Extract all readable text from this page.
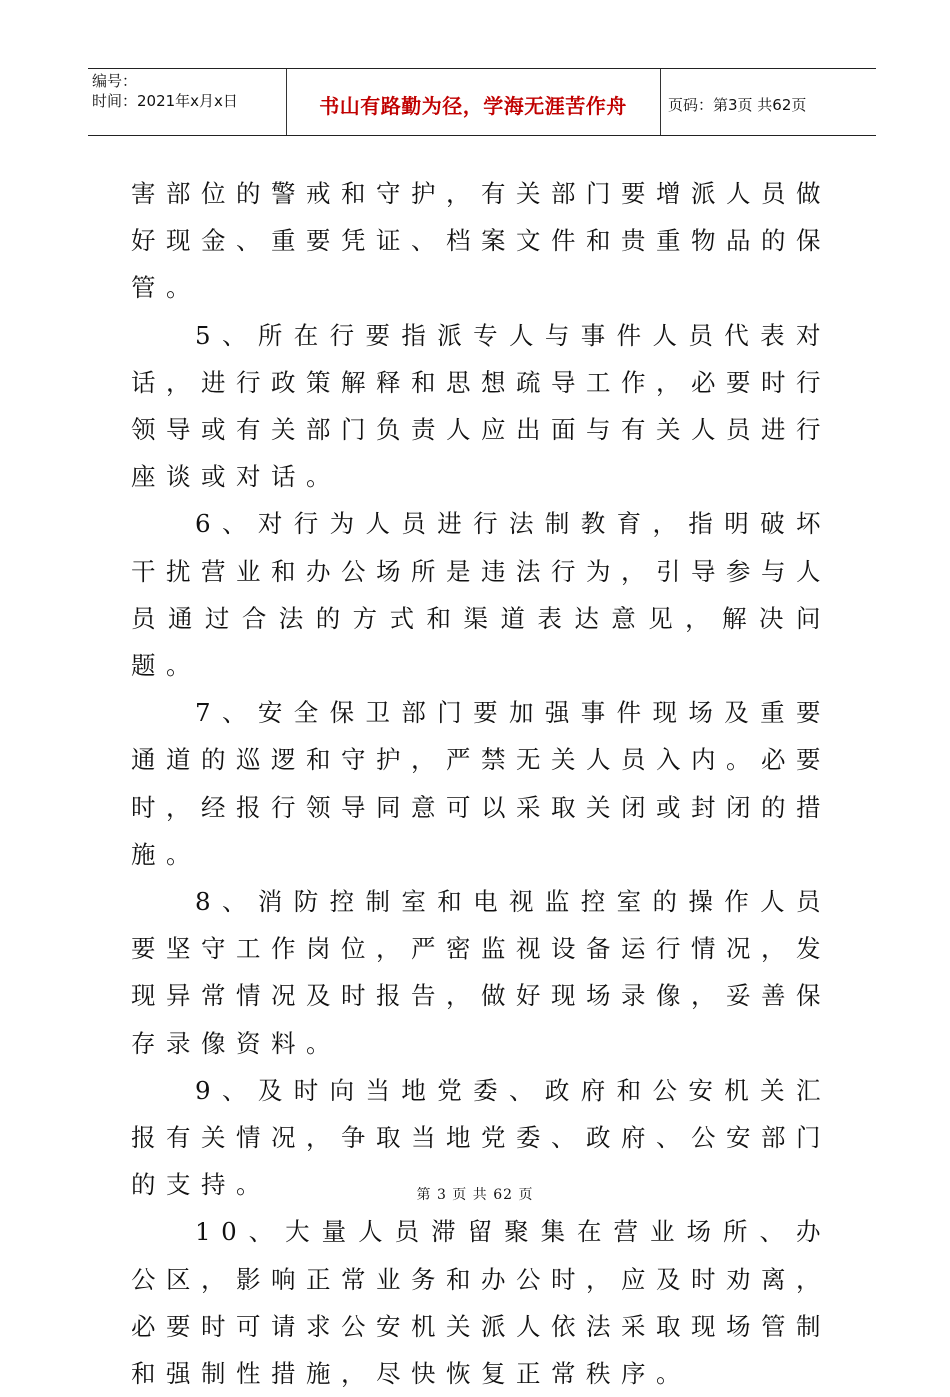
编号：
时间：2021年x月x日	书山有路勤为径，学海无涯苦作舟	页码：第3页 共62页

害部位的警戒和守护，有关部门要增派人员做好现金、重要凭证、档案文件和贵重物品的保管。

5、所在行要指派专人与事件人员代表对话，进行政策解释和思想疏导工作，必要时行领导或有关部门负责人应出面与有关人员进行座谈或对话。

6、对行为人员进行法制教育，指明破坏干扰营业和办公场所是违法行为，引导参与人员通过合法的方式和渠道表达意见，解决问题。

7、安全保卫部门要加强事件现场及重要通道的巡逻和守护，严禁无关人员入内。必要时，经报行领导同意可以采取关闭或封闭的措施。

8、消防控制室和电视监控室的操作人员要坚守工作岗位，严密监视设备运行情况，发现异常情况及时报告，做好现场录像，妥善保存录像资料。

9、及时向当地党委、政府和公安机关汇报有关情况，争取当地党委、政府、公安部门的支持。

10、大量人员滞留聚集在营业场所、办公区，影响正常业务和办公时，应及时劝离，必要时可请求公安机关派人依法采取现场管制和强制性措施，尽快恢复正常秩序。

第 3 页 共 62 页
